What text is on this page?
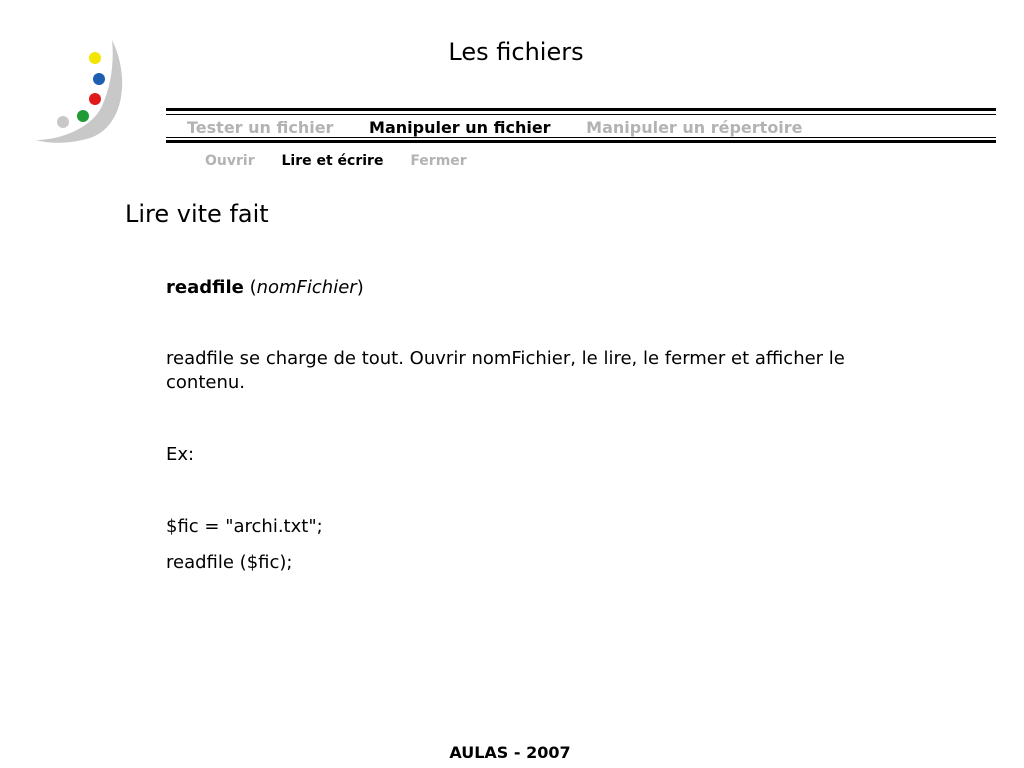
Les fichiers
Tester un fichier Manipuler un fichier Manipuler un répertoire
Ouvrir Lire et écrire Fermer
Lire vite fait
readfile (nomFichier)
readfile se charge de tout. Ouvrir nomFichier, le lire, le fermer et afficher le contenu.
Ex:
$fic = "archi.txt";
readfile ($fic);
AULAS - 2007
